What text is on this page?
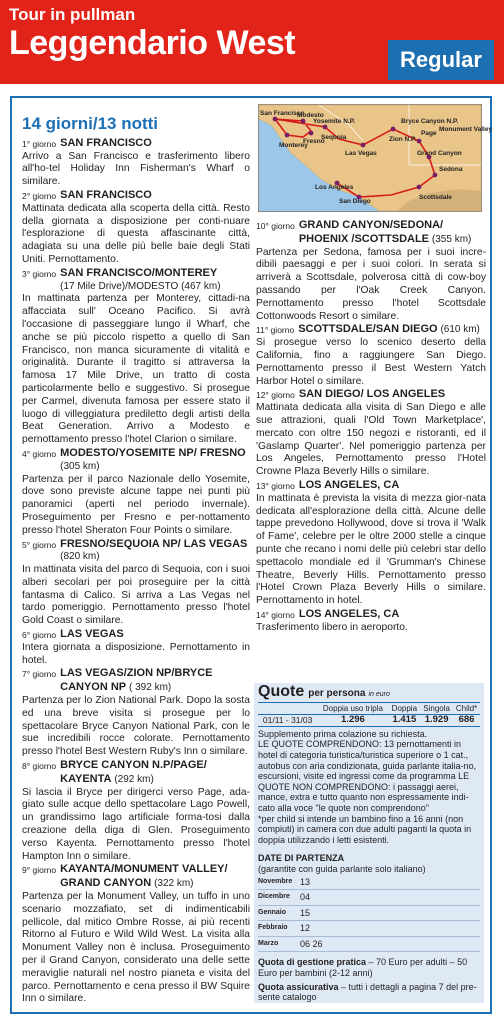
Tour in pullman
Leggendario West	Regular
San Francisco
Modesto
Yosemite N.P.
Fresno
Sequoia
Monterey
Las Vegas
Bryce Canyon N.P.
Zion N.P.
Page
Monument Valley
Grand Canyon
Sedona
Los Angeles
San Diego
Scottsdale
14 giorni/13 notti
1° giorno SAN FRANCISCO
Arrivo a San Francisco e trasferimento libero all'ho-tel Holiday Inn Fisherman's Wharf o similare.
2° giorno SAN FRANCISCO
Mattinata dedicata alla scoperta della città. Resto della giornata a disposizione per conti-nuare l'esplorazione di questa affascinante città, adagiata su una delle più belle baie degli Stati Uniti. Pernottamento.
3° giorno SAN FRANCISCO/MONTEREY
(17 Mile Drive)/MODESTO (467 km)
In mattinata partenza per Monterey, cittadi-na affacciata sull' Oceano Pacifico. Si avrà l'occasione di passeggiare lungo il Wharf, che anche se più piccolo rispetto a quello di San Francisco, non manca sicuramente di vitalità e originalità. Durante il tragitto si attraversa la famosa 17 Mile Drive, un tratto di costa particolarmente bello e suggestivo. Si prosegue per Carmel, divenuta famosa per essere stato il luogo di villeggiatura prediletto degli artisti della Beat Generation. Arrivo a Modesto e pernottamento presso l'hotel Clarion o similare.
4° giorno MODESTO/YOSEMITE NP/ FRESNO (305 km)
Partenza per il parco Nazionale dello Yosemite, dove sono previste alcune tappe nei punti più panoramici (aperti nel periodo invernale). Proseguimento per Fresno e per-nottamento presso l'hotel Sheraton Four Points o similare.
5° giorno FRESNO/SEQUOIA NP/ LAS VEGAS (820 km)
In mattinata visita del parco di Sequoia, con i suoi alberi secolari per poi proseguire per la città fantasma di Calico. Si arriva a Las Vegas nel tardo pomeriggio. Pernottamento presso l'hotel Gold Coast o similare.
6° giorno LAS VEGAS
Intera giornata a disposizione. Pernottamento in hotel.
7° giorno LAS VEGAS/ZION NP/BRYCE CANYON NP ( 392 km)
Partenza per lo Zion National Park. Dopo la sosta ed una breve visita si prosegue per lo spettacolare Bryce Canyon National Park, con le sue incredibili rocce colorate. Pernottamento presso l'hotel Best Western Ruby's Inn o similare.
8° giorno BRYCE CANYON N.P/PAGE/ KAYENTA (292 km)
Si lascia il Bryce per dirigerci verso Page, ada-giato sulle acque dello spettacolare Lago Powell, un grandissimo lago artificiale forma-tosi dalla creazione della diga di Glen. Proseguimento verso Kayenta. Pernottamento presso l'hotel Hampton Inn o similare.
9° giorno KAYANTA/MONUMENT VALLEY/ GRAND CANYON (322 km)
Partenza per la Monument Valley, un tuffo in uno scenario mozzafiato, set di indimenticabili pellicole, dal mitico Ombre Rosse, ai più recenti Ritorno al Futuro e Wild Wild West. La visita alla Monument Valley non è inclusa. Proseguimento per il Grand Canyon, considerato una delle sette meraviglie naturali nel nostro pianeta e visita del parco. Pernottamento e cena presso il BW Squire Inn o similare.
10° giorno GRAND CANYON/SEDONA/ PHOENIX /SCOTTSDALE (355 km)
Partenza per Sedona, famosa per i suoi incre-dibili paesaggi e per i suoi colori. In serata si arriverà a Scottsdale, polverosa città di cow-boy passando per l'Oak Creek Canyon. Pernottamento presso l'hotel Scottsdale Cottonwoods Resort o similare.
11° giorno SCOTTSDALE/SAN DIEGO (610 km)
Si prosegue verso lo scenico deserto della California, fino a raggiungere San Diego. Pernottamento presso il Best Western Yatch Harbor Hotel o similare.
12° giorno SAN DIEGO/ LOS ANGELES
Mattinata dedicata alla visita di San Diego e alle sue attrazioni, quali l'Old Town Marketplace', mercato con oltre 150 negozi e ristoranti, ed il 'Gaslamp Quarter'. Nel pomeriggio partenza per Los Angeles, Pernottamento presso l'Hotel Crowne Plaza Beverly Hills o similare.
13° giorno LOS ANGELES, CA
In mattinata è prevista la visita di mezza gior-nata dedicata all'esplorazione della città. Alcune delle tappe prevedono Hollywood, dove si trova il 'Walk of Fame', celebre per le oltre 2000 stelle a cinque punte che recano i nomi delle più celebri star dello spettacolo mondiale ed il 'Grumman's Chinese Theatre, Beverly Hills. Pernottamento presso l'Hotel Crown Plaza Beverly Hills o similare. Pernottamento in hotel.
14° giorno LOS ANGELES, CA
Trasferimento libero in aeroporto.
Quote per persona in euro
	Doppia uso tripla	Doppia	Singola	Child*
01/11 - 31/03	1.296	1.415	1.929	686
Supplemento prima colazione su richiesta.
LE QUOTE COMPRENDONO: 13 pernottamenti in hotel di categoria turistica/turistica superiore o 1 cat., autobus con aria condizionata, guida parlante italia-no, escursioni, visite ed ingressi come da programma LE QUOTE NON COMPRENDONO: i passaggi aerei, mance, extra e tutto quanto non espressamente indi-cato alla voce "le quote non comprendono"
*per child si intende un bambino fino a 16 anni (non compiuti) in camera con due adulti paganti la quota in doppia utilizzando i letti esistenti.
DATE DI PARTENZA
(garantite con guida parlante solo italiano)
Novembre 13
Dicembre	04
Gennaio	15
Febbraio	12
Marzo	06 26
Quota di gestione pratica – 70 Euro per adulti – 50 Euro per bambini (2-12 anni)
Quota assicurativa – tutti i dettagli a pagina 7 del pre-sente catalogo
